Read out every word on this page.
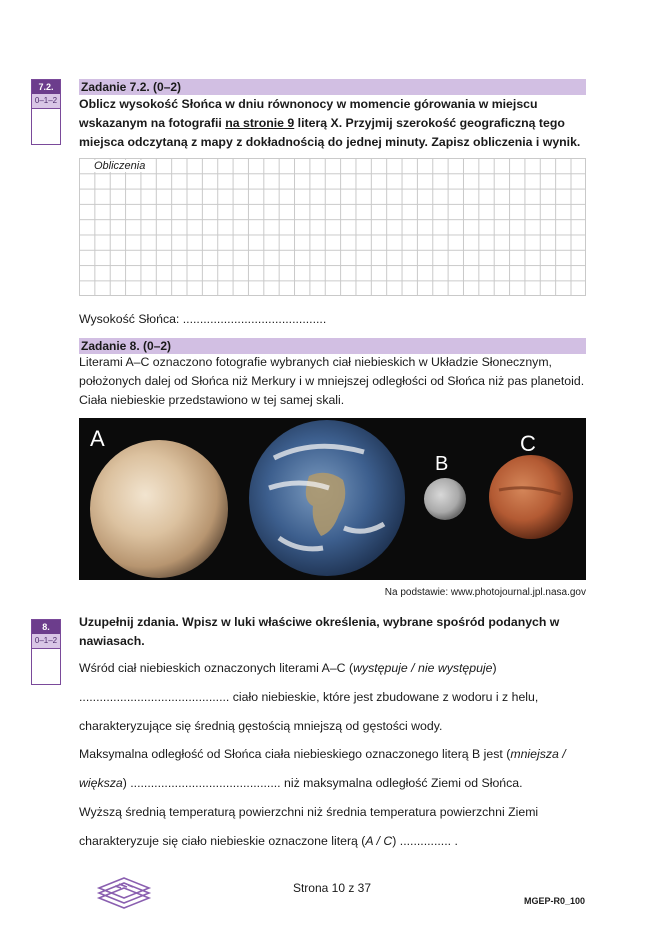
7.2.
0–1–2
Zadanie 7.2. (0–2)
Oblicz wysokość Słońca w dniu równonocy w momencie górowania w miejscu wskazanym na fotografii na stronie 9 literą X. Przyjmij szerokość geograficzną tego miejsca odczytaną z mapy z dokładnością do jednej minuty. Zapisz obliczenia i wynik.
Obliczenia
Wysokość Słońca: ..........................................
Zadanie 8. (0–2)
Literami A–C oznaczono fotografie wybranych ciał niebieskich w Układzie Słonecznym, położonych dalej od Słońca niż Merkury i w mniejszej odległości od Słońca niż pas planetoid. Ciała niebieskie przedstawiono w tej samej skali.
A
B
C
Na podstawie: www.photojournal.jpl.nasa.gov
8.
0–1–2
Uzupełnij zdania. Wpisz w luki właściwe określenia, wybrane spośród podanych w nawiasach.
Wśród ciał niebieskich oznaczonych literami A–C (występuje / nie występuje)
............................................ ciało niebieskie, które jest zbudowane z wodoru i z helu,
charakteryzujące się średnią gęstością mniejszą od gęstości wody.
Maksymalna odległość od Słońca ciała niebieskiego oznaczonego literą B jest (mniejsza /
większa) ............................................ niż maksymalna odległość Ziemi od Słońca.
Wyższą średnią temperaturą powierzchni niż średnia temperatura powierzchni Ziemi
charakteryzuje się ciało niebieskie oznaczone literą (A / C) ............... .
Strona 10 z 37
MGEP-R0_100
